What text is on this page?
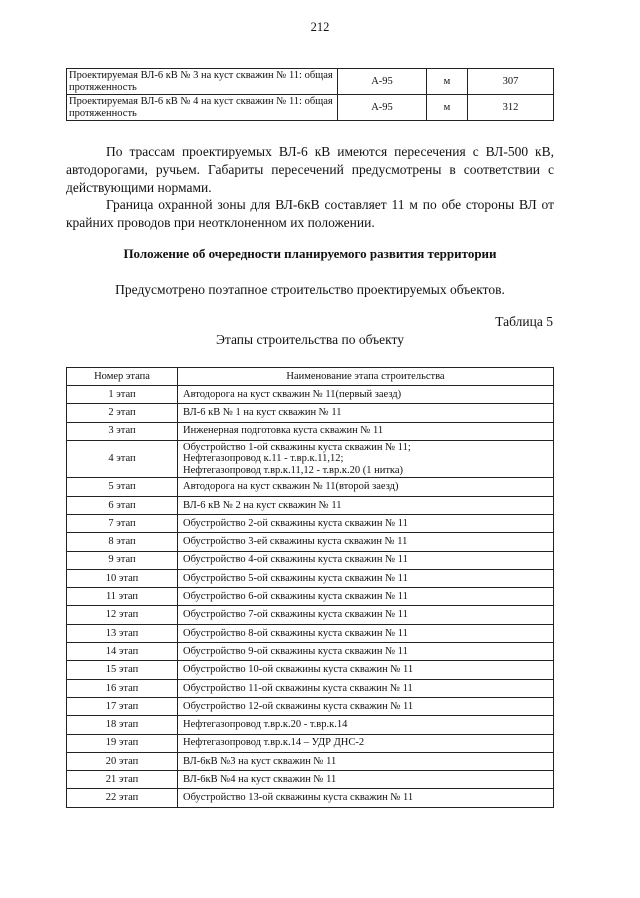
212
Проектируемая ВЛ-6 кВ № 3 на куст скважин № 11: общая протяженность	А-95	м	307
Проектируемая ВЛ-6 кВ № 4 на куст скважин № 11: общая протяженность	А-95	м	312
По трассам проектируемых ВЛ-6 кВ имеются пересечения с ВЛ-500 кВ, автодорогами, ручьем. Габариты пересечений предусмотрены в соответствии с действующими нормами.
Граница охранной зоны для ВЛ-6кВ составляет 11 м по обе стороны ВЛ от крайних проводов при неотклоненном их положении.
Положение об очередности планируемого развития территории
Предусмотрено поэтапное строительство проектируемых объектов.
Таблица 5
Этапы строительства по объекту
Номер этапа	Наименование этапа строительства
1 этап	Автодорога на куст скважин № 11(первый заезд)

2 этап	ВЛ-6 кВ № 1 на куст скважин № 11

3 этап	Инженерная подготовка куста скважин № 11

4 этап	Обустройство 1-ой скважины куста скважин № 11;
Нефтегазопровод к.11 - т.вр.к.11,12;
Нефтегазопровод т.вр.к.11,12 - т.вр.к.20 (1 нитка)

5 этап	Автодорога на куст скважин № 11(второй заезд)

6 этап	ВЛ-6 кВ № 2 на куст скважин № 11

7 этап	Обустройство 2-ой скважины куста скважин № 11

8 этап	Обустройство 3-ей скважины куста скважин № 11

9 этап	Обустройство 4-ой скважины куста скважин № 11

10 этап	Обустройство 5-ой скважины куста скважин № 11

11 этап	Обустройство 6-ой скважины куста скважин № 11

12 этап	Обустройство 7-ой скважины куста скважин № 11

13 этап	Обустройство 8-ой скважины куста скважин № 11

14 этап	Обустройство 9-ой скважины куста скважин № 11

15 этап	Обустройство 10-ой скважины куста скважин № 11

16 этап	Обустройство 11-ой скважины куста скважин № 11

17 этап	Обустройство 12-ой скважины куста скважин № 11

18 этап	Нефтегазопровод т.вр.к.20 - т.вр.к.14

19 этап	Нефтегазопровод т.вр.к.14 – УДР ДНС-2

20 этап	ВЛ-6кВ №3 на куст скважин № 11

21 этап	ВЛ-6кВ №4 на куст скважин № 11

22 этап	Обустройство 13-ой скважины куста скважин № 11
